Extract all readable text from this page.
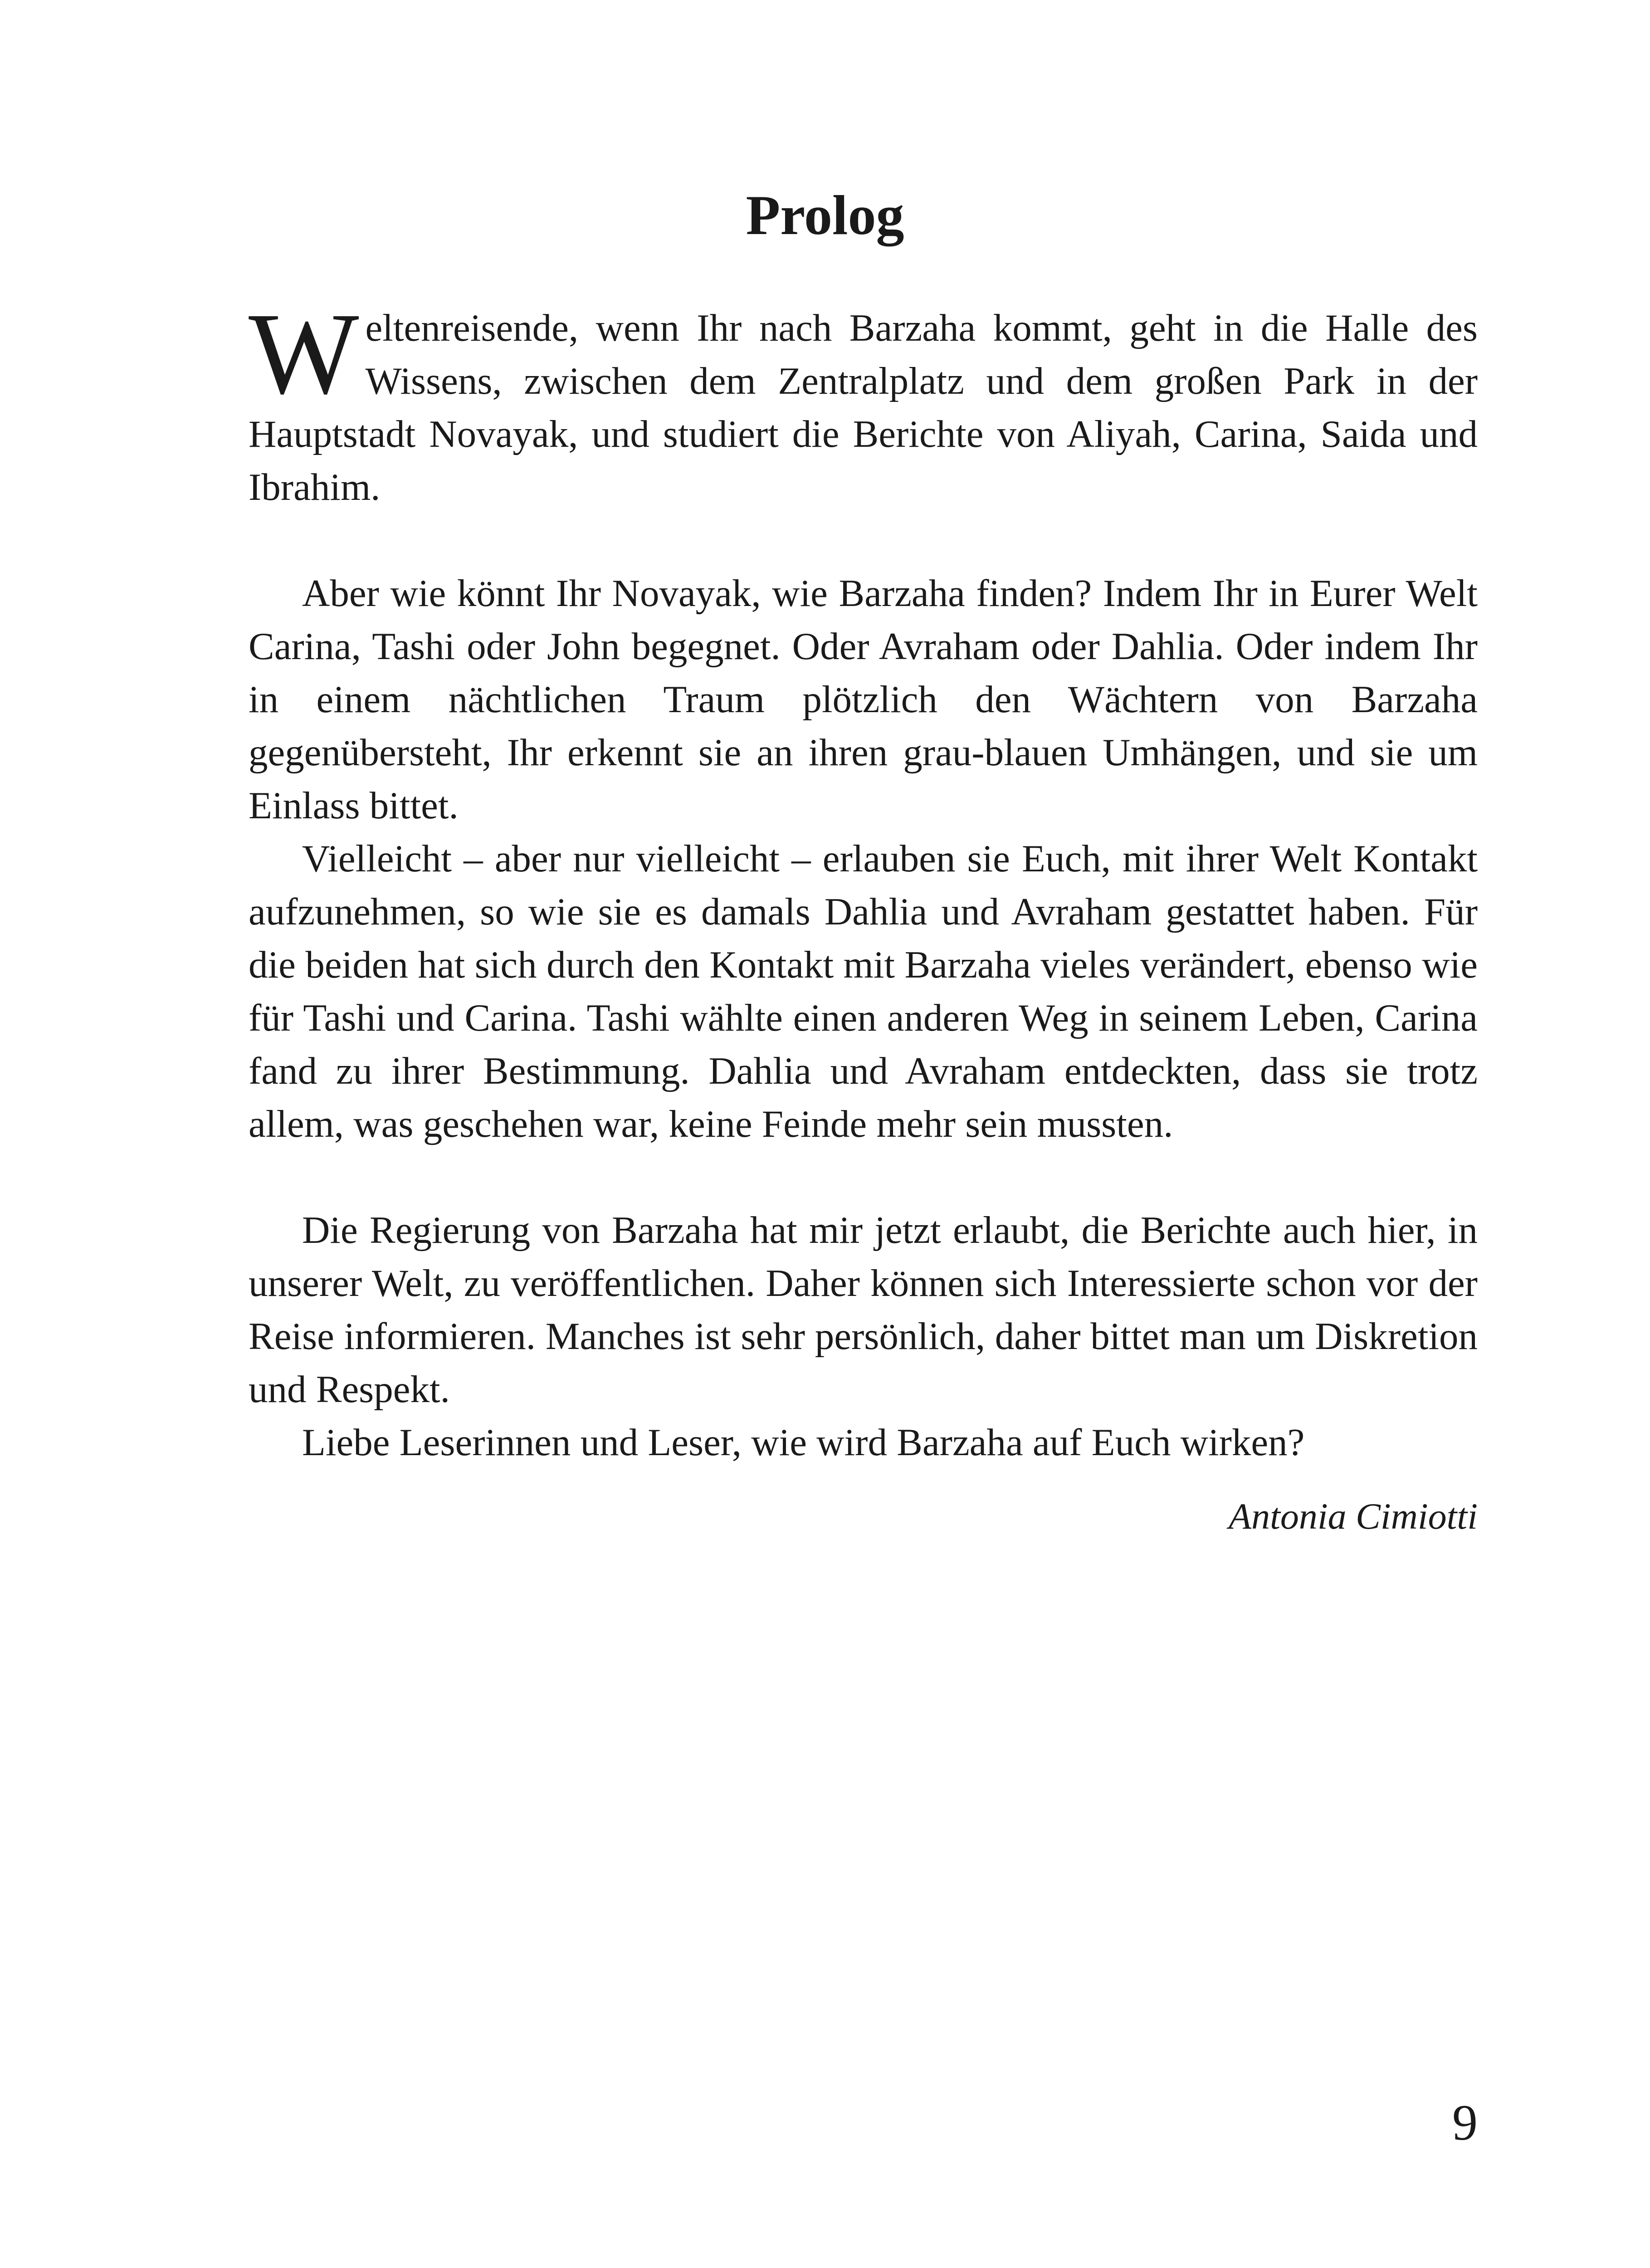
Prolog

Weltenreisende, wenn Ihr nach Barzaha kommt, geht in die Halle des Wissens, zwischen dem Zentralplatz und dem großen Park in der Hauptstadt Novayak, und studiert die Berichte von Aliyah, Carina, Saida und Ibrahim.

Aber wie könnt Ihr Novayak, wie Barzaha finden? Indem Ihr in Eurer Welt Carina, Tashi oder John begegnet. Oder Avraham oder Dahlia. Oder indem Ihr in einem nächtlichen Traum plötzlich den Wächtern von Barzaha gegenübersteht, Ihr erkennt sie an ihren grau-blauen Umhängen, und sie um Einlass bittet.

Vielleicht – aber nur vielleicht – erlauben sie Euch, mit ihrer Welt Kontakt aufzunehmen, so wie sie es damals Dahlia und Avraham gestattet haben. Für die beiden hat sich durch den Kontakt mit Barzaha vieles verändert, ebenso wie für Tashi und Carina. Tashi wählte einen anderen Weg in seinem Leben, Carina fand zu ihrer Bestimmung. Dahlia und Avraham entdeckten, dass sie trotz allem, was geschehen war, keine Feinde mehr sein mussten.

Die Regierung von Barzaha hat mir jetzt erlaubt, die Berichte auch hier, in unserer Welt, zu veröffentlichen. Daher können sich Interessierte schon vor der Reise informieren. Manches ist sehr persönlich, daher bittet man um Diskretion und Respekt.

Liebe Leserinnen und Leser, wie wird Barzaha auf Euch wirken?

Antonia Cimiotti
9
